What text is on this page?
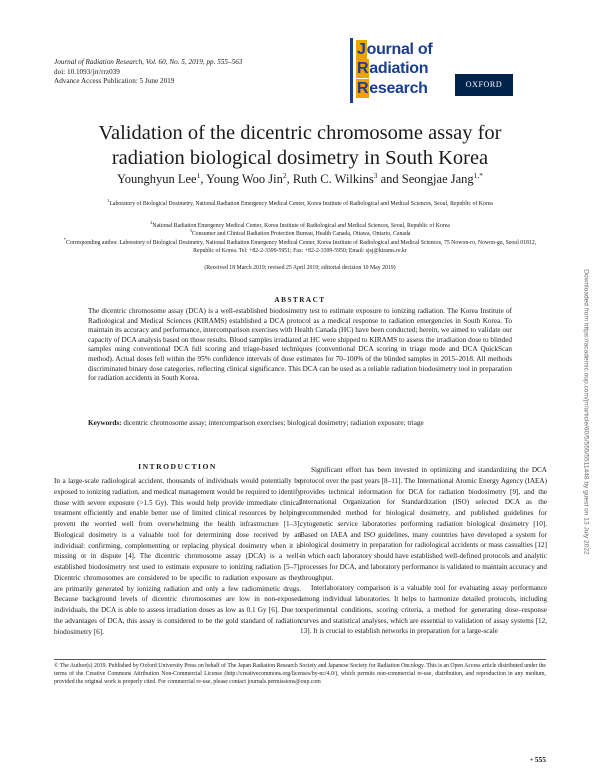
Journal of Radiation Research, Vol. 60, No. 5, 2019, pp. 555–563
doi: 10.1093/jrr/rrz039
Advance Access Publication: 5 June 2019
Journal of
Radiation
Research	OXFORD
Validation of the dicentric chromosome assay for
radiation biological dosimetry in South Korea
Younghyun Lee$^1$, Young Woo Jin$^2$, Ruth C. Wilkins$^3$ and Seongjae Jang$^{1,*}$
$^1$Laboratory of Biological Dosimetry, National Radiation Emergency Medical Center, Korea Institute of Radiological and Medical Sciences, Seoul, Republic of Korea
$^2$National Radiation Emergency Medical Center, Korea Institute of Radiological and Medical Sciences, Seoul, Republic of Korea
$^3$Consumer and Clinical Radiation Protection Bureau, Health Canada, Ottawa, Ontario, Canada
*Corresponding author. Laboratory of Biological Dosimetry, National Radiation Emergency Medical Center, Korea Institute of Radiological and Medical Sciences, 75 Nowon-ro, Nowon-gu, Seoul 01812, Republic of Korea. Tel: +82-2-3399-5951; Fax: +82-2-3399-5950; Email: sjsj@kirams.re.kr
(Received 18 March 2019; revised 25 April 2019; editorial decision 10 May 2019)
ABSTRACT
The dicentric chromosome assay (DCA) is a well-established biodosimetry test to estimate exposure to ionizing radiation. The Korea Institute of Radiological and Medical Sciences (KIRAMS) established a DCA protocol as a medical response to radiation emergencies in South Korea. To maintain its accuracy and performance, intercomparison exercises with Health Canada (HC) have been conducted; herein, we aimed to validate our capacity of DCA analysis based on those results. Blood samples irradiated at HC were shipped to KIRAMS to assess the irradiation dose to blinded samples using conventional DCA full scoring and triage-based techniques (conventional DCA scoring in triage mode and DCA QuickScan method). Actual doses fell within the 95% confidence intervals of dose estimates for 70–100% of the blinded samples in 2015–2018. All methods discriminated binary dose categories, reflecting clinical significance. This DCA can be used as a reliable radiation biodosimetry tool in preparation for radiation accidents in South Korea.
Keywords: dicentric chromosome assay; intercomparison exercises; biological dosimetry; radiation exposure; triage
INTRODUCTION

In a large-scale radiological accident, thousands of individuals would potentially be exposed to ionizing radiation, and medical management would be required to identify those with severe exposure (>1.5 Gy). This would help provide immediate clinical treatment efficiently and enable better use of limited clinical resources by helping prevent the worried well from overwhelming the health infrastructure [1–3]. Biological dosimetry is a valuable tool for determining dose received by an individual: confirming, complementing or replacing physical dosimetry when it is missing or in dispute [4]. The dicentric chromosome assay (DCA) is a well-established biodosimetry test used to estimate exposure to ionizing radiation [5–7]. Dicentric chromosomes are considered to be specific to radiation exposure as they are primarily generated by ionizing radiation and only a few radiomimetic drugs. Because background levels of dicentric chromosomes are low in non-exposed individuals, the DCA is able to assess irradiation doses as low as 0.1 Gy [6]. Due to the advantages of DCA, this assay is considered to be the gold standard of radiation biodosimetry [6].

Significant effort has been invested in optimizing and standardizing the DCA protocol over the past years [8–11]. The International Atomic Energy Agency (IAEA) provides technical information for DCA for radiation biodosimetry [9], and the International Organization for Standardization (ISO) selected DCA as the recommended method for biological dosimetry, and published guidelines for cytogenetic service laboratories performing radiation biological dosimetry [10]. Based on IAEA and ISO guidelines, many countries have developed a system for biological dosimetry in preparation for radiological accidents or mass casualties [12] in which each laboratory should have established well-defined protocols and analytic processes for DCA, and laboratory performance is validated to maintain accuracy and throughput.

Interlaboratory comparison is a valuable tool for evaluating assay performance among individual laboratories. It helps to harmonize detailed protocols, including experimental conditions, scoring criteria, a method for generating dose–response curves and statistical analyses, which are essential to validation of assay systems [12, 13]. It is crucial to establish networks in preparation for a large-scale

© The Author(s) 2019. Published by Oxford University Press on behalf of The Japan Radiation Research Society and Japanese Society for Radiation Oncology. This is an Open Access article distributed under the terms of the Creative Commons Attribution Non-Commercial License (http://creativecommons.org/licenses/by-nc/4.0/), which permits non-commercial re-use, distribution, and reproduction in any medium, provided the original work is properly cited. For commercial re-use, please contact journals.permissions@oup.com
• 555
Downloaded from https://academic.oup.com/jrr/article/60/5/555/5511448 by guest on 13 July 2022
